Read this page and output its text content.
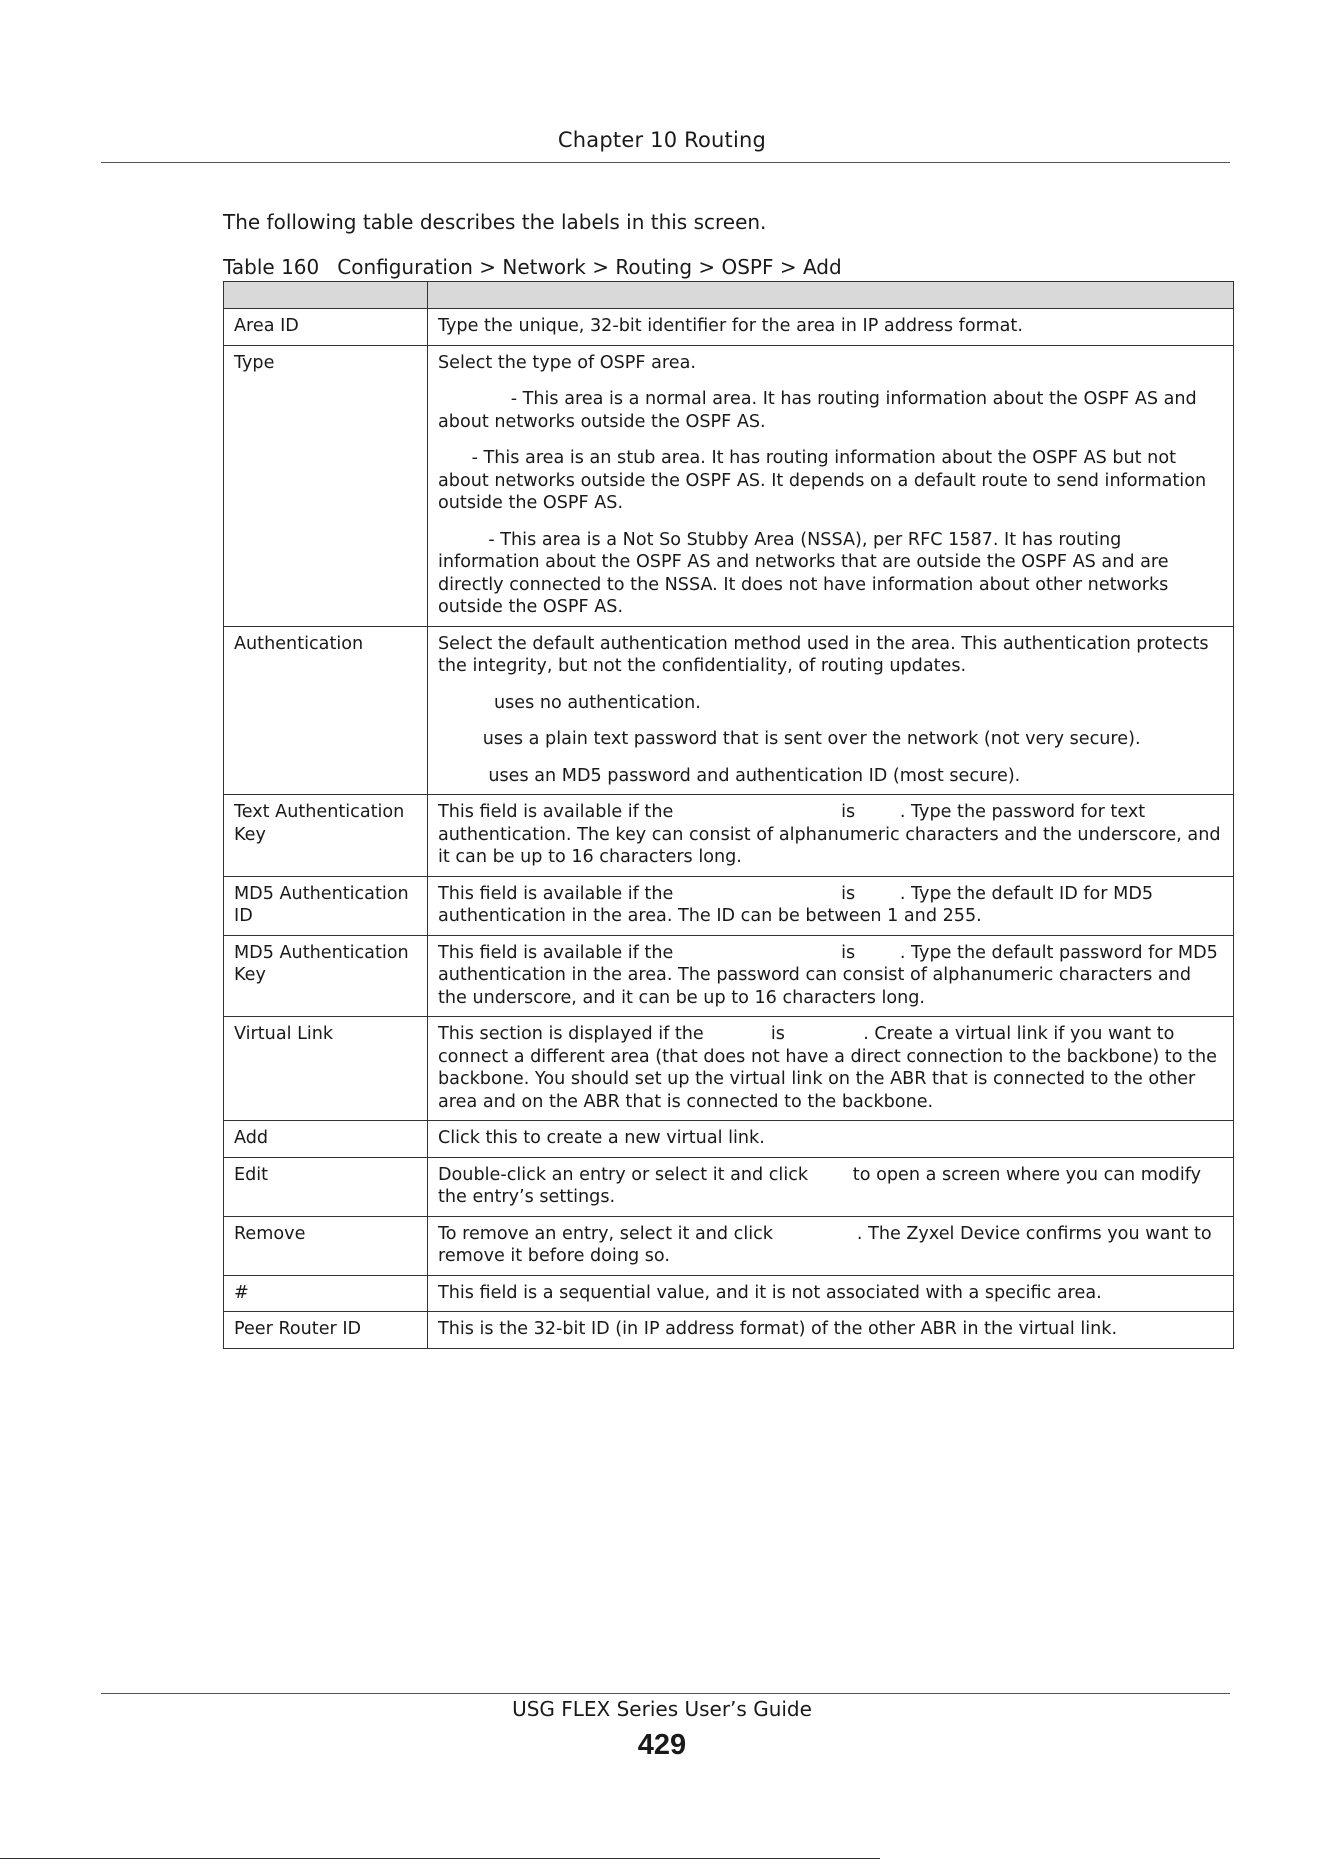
Chapter 10 Routing
The following table describes the labels in this screen.
Table 160 Configuration > Network > Routing > OSPF > Add

Area ID	Type the unique, 32-bit identifier for the area in IP address format.

Type	Select the type of OSPF area.

- This area is a normal area. It has routing information about the OSPF AS and about networks outside the OSPF AS.

- This area is an stub area. It has routing information about the OSPF AS but not about networks outside the OSPF AS. It depends on a default route to send information outside the OSPF AS.

- This area is a Not So Stubby Area (NSSA), per RFC 1587. It has routing information about the OSPF AS and networks that are outside the OSPF AS and are directly connected to the NSSA. It does not have information about other networks outside the OSPF AS.

Authentication	Select the default authentication method used in the area. This authentication protects the integrity, but not the confidentiality, of routing updates.

uses no authentication.

uses a plain text password that is sent over the network (not very secure).

uses an MD5 password and authentication ID (most secure).

Text Authentication Key	This field is available if the                              is        . Type the password for text authentication. The key can consist of alphanumeric characters and the underscore, and it can be up to 16 characters long.

MD5 Authentication ID	This field is available if the                              is        . Type the default ID for MD5 authentication in the area. The ID can be between 1 and 255.

MD5 Authentication Key	This field is available if the                              is        . Type the default password for MD5 authentication in the area. The password can consist of alphanumeric characters and the underscore, and it can be up to 16 characters long.

Virtual Link	This section is displayed if the            is              . Create a virtual link if you want to connect a different area (that does not have a direct connection to the backbone) to the backbone. You should set up the virtual link on the ABR that is connected to the other area and on the ABR that is connected to the backbone.

Add	Click this to create a new virtual link.

Edit	Double-click an entry or select it and click        to open a screen where you can modify the entry’s settings.

Remove	To remove an entry, select it and click               . The Zyxel Device confirms you want to remove it before doing so.

#	This field is a sequential value, and it is not associated with a specific area.

Peer Router ID	This is the 32-bit ID (in IP address format) of the other ABR in the virtual link.

USG FLEX Series User’s Guide
429
